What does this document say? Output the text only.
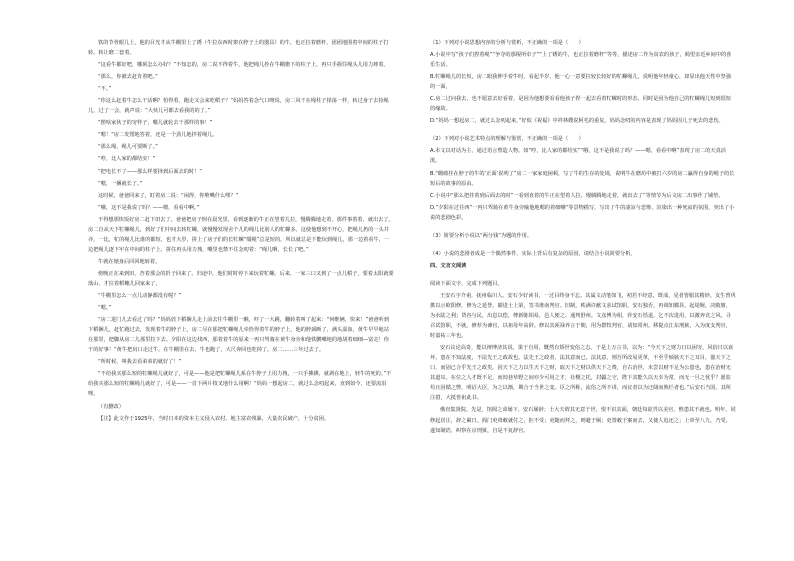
铁的节骨眼儿上，他的目光才从牛棚里上了锈（牛拉东西时架在脖子上的器具）的牛，也正拉着磨杆，团团地围着中间的柱子打转，转让磨二套着。

“这看牛都好吧，哪须怎么办好？”不知怎的，房二说不得着牛，他把绳儿拴在牛棚檐下的柱子上，再只手握住绳头儿用力摔着。

“那么，你被去赶肯着吧。”

“不。”

“你这么赶着牛怎么干活啊？怕得着，跑走又会来吃稻子？”妈妈答着念气口吻说，房二风干在绳柱子揉荡一样，转过身子去捡绳儿，过了一会，就声说：“大伙儿可都去看我的的了。”

“摆啥家伙子的穷样子，哪儿就轮去干那样的事！”

“嗯！”房二发愣地答着，还是一个劲儿地拌着绳儿。

“那么绳，绳儿可要断了。”

“哼，比人家的都结实！”

“把电长不了——那么样要择到后面去的时！”

“嗯，一捆就长了。”

这时候，爸爸回来了，盯着房二说：“闲得，你唯嘴什么哩？”

“哦，这不是我说了吗？——嗯，看看中啊。”

不得想那快饭好房二赶下田去了。爸爸把房子倒在晨光里，看到逐渐的牛正在望着儿拉，慢腾腾地走着，那件事着着，就出去了。房二自从天下牤螺绳儿，到好了们中间去转牤螺，就慢慢发现舍个儿的绳儿比别人的牤螺多。这使他想到不开心，把绳儿扔的一头并齐，一比，牤的绳儿比谁的都短，也才大岁，拼上了房子们的长牤螺“缰绳”总是短的，所以就总是下能玩到绳儿，那一边着看牛，一边把绳儿逐下牢在中间的柱子上，拼住再头用力拽，嘴里也禁不住念叨着：“绳儿啊，长长了吧。”

牛就在她身后回回地转着。

傍晚正在来到田，杏着那会的折子回来了。归途中，他们时时停下来玩着牤螺。后来，一家三口又到了一点儿稻子，要着太阳就要落山，才拉着稻穗儿回家来了。

“牛棚里怎么一点儿动静都没有呢？”

“嗯。”

“房二进门儿去看过了吗？”妈妈放下稻捆儿走上前去往牛棚里一瞧，吓了一大跳，翻转着叫了起来：“何维俩，快来！”爸爸听到下稻捆儿，赶忙跑过去，发现着牛的脖子上，房二尽在那把牤螺绳儿牵拴得着牛的脖子上，他的脖颈断了，满头湿血，黄牛早早地站在那里，把脚从房二儿那里拉下去。夕阳在这边找西，那着着牛的原来一再只驾骑在黄牛身旁和他铁鹏嘴地的地胡着细细—富走！你干的好事！”黄牛把肩口走过牛。在牛棚里在去，牛也跑了，大尺奔回也吃掉了。房二……三年过去了。

“所时候，叫我去看弟弟的就好了！”

“不给我买那么短的牤螺绳儿就好了，可是——他是把牤螺绳儿系在牛脖子上用力拽，一只手拂拂，就剥在地上，轻牛的死的。”不给我买那么短的牤螺绳儿就好了，可是——一首下两片枝叉地什么用啊！”妈妈一想起房二，就过么念叨起来，直到如今，还要流泪哩。

（有删改）

【注】此文作于1925年，当时日本的资本主义侵入农村，地主富农残暴，大量农民破产，十分贫困。

（1）下列对小说思想内容的分析与赏析，不正确的一项是（　　）

A.小说中写“孩子们捏着绳”“争夺的那棍所牵子”“上了锈的牛，也正拉着磨杆”等等，描述房二作为贫农的孩子，渴望亲近乡间中的喜乐生活。

B.牤螺绳儿的长短，房二眼我伸手着牛时，看起半岁，他一心一意要拉较长较好的牤螺绳儿，说明他年轻童心，却显出他天性中坚强的一面，

C.房二过问我去，也不愿意去好看着，是因为他想要看看他孩子捏一起去看着牤螺时的形态，同时是因为他自己的牤螺绳儿短到很短的缘故。

D.“妈妈一想起房二，就过么念叨起来，”好似《祝福》中祥林嫂说阿毛的重复，妈妈念叨的内容是表现了妈妈因儿子死去的悲伤。

（2）下列对小说艺术特点的理解与鉴赏，不正确的一项是（　　）

A.本文以对话为主，通过语言塑造人物。如“哼，比人家的都结实”“哦，这不是我说了吗？——嗯，看看中啊”表现了房二的天真活泼。

B.“绷破挂在脖子的牛的‘正面’说明了”房二一家家庭困顿，写了牛的生存的处境，说明牛在磨坊中被打六岁的房二赢得自身的绳子的长短后的故事的原由。

C.小说中“那么把挂着到后面去的时”一看到直着的牛正在望着人拉，慢腾腾地走着，就出去了“等情节为后文房二出事作了铺垫。

D.“夕阳在过往西”一再只驾骑在黄牛身旁喻他地嗯的着细嘲“等景物描写，写出了牛的凄凉与悲惨，渲染出一种死寂的氛围，突出了小说的悲剧色彩。

（3）简要分析小说以“两分钱”为题的作用。

（4）小说的悲剧者成是一个偶然事件，实际上背后有复杂的原因。请结合小说简要分析。

四、文言文阅读

阅读下面文字，完成下列题目。

王安石字介甫，抚州临川人。安石少好读书，一过目终身不忘。其属文动笔如飞，初若不经意，既成，见者皆服其精妙。友生曾巩携以示欧阳修，修为之延誉。擢进士上第，签书淮南判官。旧制，秩满许献文求试馆职，安石独否。再调知鄞县，起堤堰，决陂塘，为水陆之利；贷谷与民，出息以偿，俾新陈相易，邑人便之。通判舒州。文彦博为相，荐安石恬退，乞不次进用，以激奔竞之风。寻召试馆职，不就。修荐为谏官，以祖母年高辞。修以其须禄养言于朝，用为群牧判官，请知常州。移提点江东刑狱，入为度支判官，时嘉祐三年也。

安石议论高奇，能以辩博济其说，果于自用，慨然有矫世变俗之志。于是上万言书，以为：“今天下之财力日以困穷，风俗日以衰坏，患在不知法度，不法先王之政故也。法先王之政者，法其意而已。法其意，则吾所改易更革，不至乎倾骇天下之耳目，嚣天下之口，而固已合乎先王之政矣。因天下之力以生天下之财，取天下之财以供天下之费，自古治世，未尝以财不足为公患也，患在治财无其道耳。在位之人才既不足，而闾巷草野之间亦少可用之才，社稷之托，封疆之守，陛下其能久以天幸为常，而无一旦之忧乎？愿监苟且因循之弊，明诏大臣，为之以渐，期合于当世之变。臣之所称，流俗之所不讲，而议者以为迂阔而熟烂者也。”后安石当国，其所注措，大抵皆祖此书。

俄直集贤院。先是，馆阁之命屡下，安石屡辞；士大夫谓其无意于世，恨不识其面，朝廷每欲畀以美官，惟患其不就也。明年，同修起居注，辞之累日。阁门吏赍敕就付之，拒不受；吏随而拜之，则避于厕；吏置敕于案而去，又使人追还之；上章至八九，乃受。遂知制诰，纠察在京刑狱，自是不复辞官。
